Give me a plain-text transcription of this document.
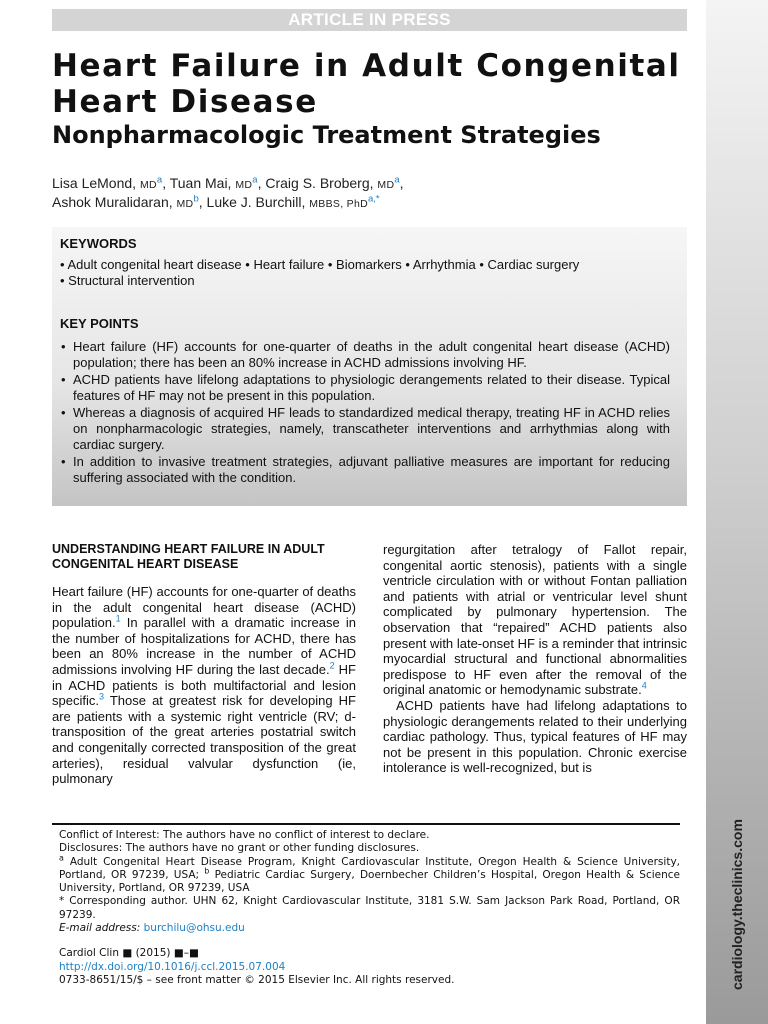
ARTICLE IN PRESS
cardiology.theclinics.com
Heart Failure in Adult Congenital Heart Disease
Nonpharmacologic Treatment Strategies
Lisa LeMond, MD$^a$, Tuan Mai, MD$^a$, Craig S. Broberg, MD$^a$,
Ashok Muralidaran, MD$^b$, Luke J. Burchill, MBBS, PhD$^{a,*}$
KEYWORDS
• Adult congenital heart disease • Heart failure • Biomarkers • Arrhythmia • Cardiac surgery
• Structural intervention
KEY POINTS
• Heart failure (HF) accounts for one-quarter of deaths in the adult congenital heart disease (ACHD) population; there has been an 80% increase in ACHD admissions involving HF.
• ACHD patients have lifelong adaptations to physiologic derangements related to their disease. Typical features of HF may not be present in this population.
• Whereas a diagnosis of acquired HF leads to standardized medical therapy, treating HF in ACHD relies on nonpharmacologic strategies, namely, transcatheter interventions and arrhythmias along with cardiac surgery.
• In addition to invasive treatment strategies, adjuvant palliative measures are important for reducing suffering associated with the condition.
UNDERSTANDING HEART FAILURE IN ADULT CONGENITAL HEART DISEASE

Heart failure (HF) accounts for one-quarter of deaths in the adult congenital heart disease (ACHD) population.$^1$ In parallel with a dramatic increase in the number of hospitalizations for ACHD, there has been an 80% increase in the number of ACHD admissions involving HF during the last decade.$^2$ HF in ACHD patients is both multifactorial and lesion specific.$^3$ Those at greatest risk for developing HF are patients with a systemic right ventricle (RV; d-transposition of the great arteries postatrial switch and congenitally corrected transposition of the great arteries), residual valvular dysfunction (ie, pulmonary

regurgitation after tetralogy of Fallot repair, congenital aortic stenosis), patients with a single ventricle circulation with or without Fontan palliation and patients with atrial or ventricular level shunt complicated by pulmonary hypertension. The observation that “repaired” ACHD patients also present with late-onset HF is a reminder that intrinsic myocardial structural and functional abnormalities predispose to HF even after the removal of the original anatomic or hemodynamic substrate.$^4$

ACHD patients have had lifelong adaptations to physiologic derangements related to their underlying cardiac pathology. Thus, typical features of HF may not be present in this population. Chronic exercise intolerance is well-recognized, but is

Conflict of Interest: The authors have no conflict of interest to declare.

Disclosures: The authors have no grant or other funding disclosures.

$^a$ Adult Congenital Heart Disease Program, Knight Cardiovascular Institute, Oregon Health & Science University, Portland, OR 97239, USA; $^b$ Pediatric Cardiac Surgery, Doernbecher Children’s Hospital, Oregon Health & Science University, Portland, OR 97239, USA

* Corresponding author. UHN 62, Knight Cardiovascular Institute, 3181 S.W. Sam Jackson Park Road, Portland, OR 97239.

E-mail address: burchilu@ohsu.edu

Cardiol Clin ■ (2015) ■–■

http://dx.doi.org/10.1016/j.ccl.2015.07.004

0733-8651/15/$ – see front matter © 2015 Elsevier Inc. All rights reserved.
